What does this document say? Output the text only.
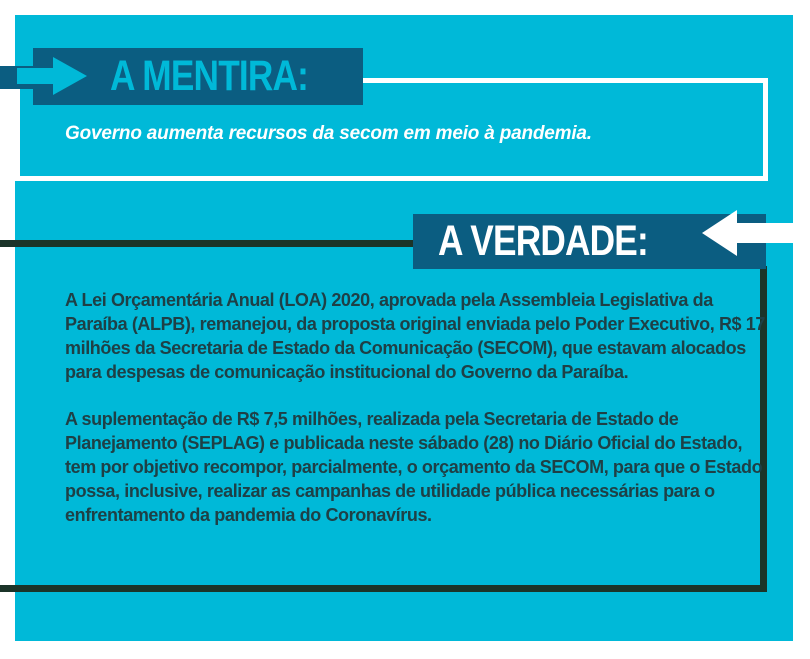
A MENTIRA:
Governo aumenta recursos da secom em meio à pandemia.
A VERDADE:

A Lei Orçamentária Anual (LOA) 2020, aprovada pela Assembleia Legislativa da Paraíba (ALPB), remanejou, da proposta original enviada pelo Poder Executivo, R$ 17 milhões da Secretaria de Estado da Comunicação (SECOM), que estavam alocados para despesas de comunicação institucional do Governo da Paraíba.

A suplementação de R$ 7,5 milhões, realizada pela Secretaria de Estado de Planejamento (SEPLAG) e publicada neste sábado (28) no Diário Oficial do Estado, tem por objetivo recompor, parcialmente, o orçamento da SECOM, para que o Estado possa, inclusive, realizar as campanhas de utilidade pública necessárias para o enfrentamento da pandemia do Coronavírus.
